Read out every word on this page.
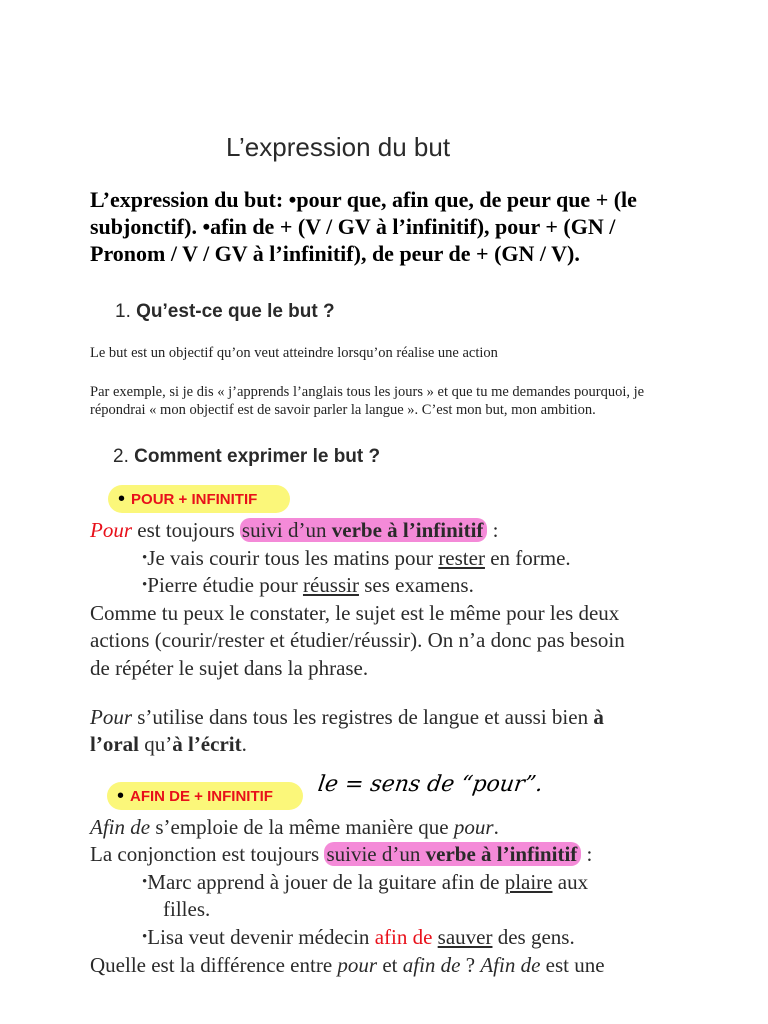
L’expression du but
L’expression du but: •pour que, afin que, de peur que + (le subjonctif). •afin de + (V / GV à l’infinitif), pour + (GN / Pronom / V / GV à l’infinitif), de peur de + (GN / V).
1. Qu’est-ce que le but ?
Le but est un objectif qu’on veut atteindre lorsqu’on réalise une action
Par exemple, si je dis « j’apprends l’anglais tous les jours » et que tu me demandes pourquoi, je
répondrai « mon objectif est de savoir parler la langue ». C’est mon but, mon ambition.
2. Comment exprimer le but ?
• POUR + INFINITIF
Pour est toujours suivi d’un verbe à l’infinitif :
•Je vais courir tous les matins pour rester en forme.
•Pierre étudie pour réussir ses examens.
Comme tu peux le constater, le sujet est le même pour les deux
actions (courir/rester et étudier/réussir). On n’a donc pas besoin
de répéter le sujet dans la phrase.
Pour s’utilise dans tous les registres de langue et aussi bien à
l’oral qu’à l’écrit.
• AFIN DE + INFINITIF le = sens de “pour”.
Afin de s’emploie de la même manière que pour.
La conjonction est toujours suivie d’un verbe à l’infinitif :
•Marc apprend à jouer de la guitare afin de plaire aux
filles.
•Lisa veut devenir médecin afin de sauver des gens.
Quelle est la différence entre pour et afin de ? Afin de est une
